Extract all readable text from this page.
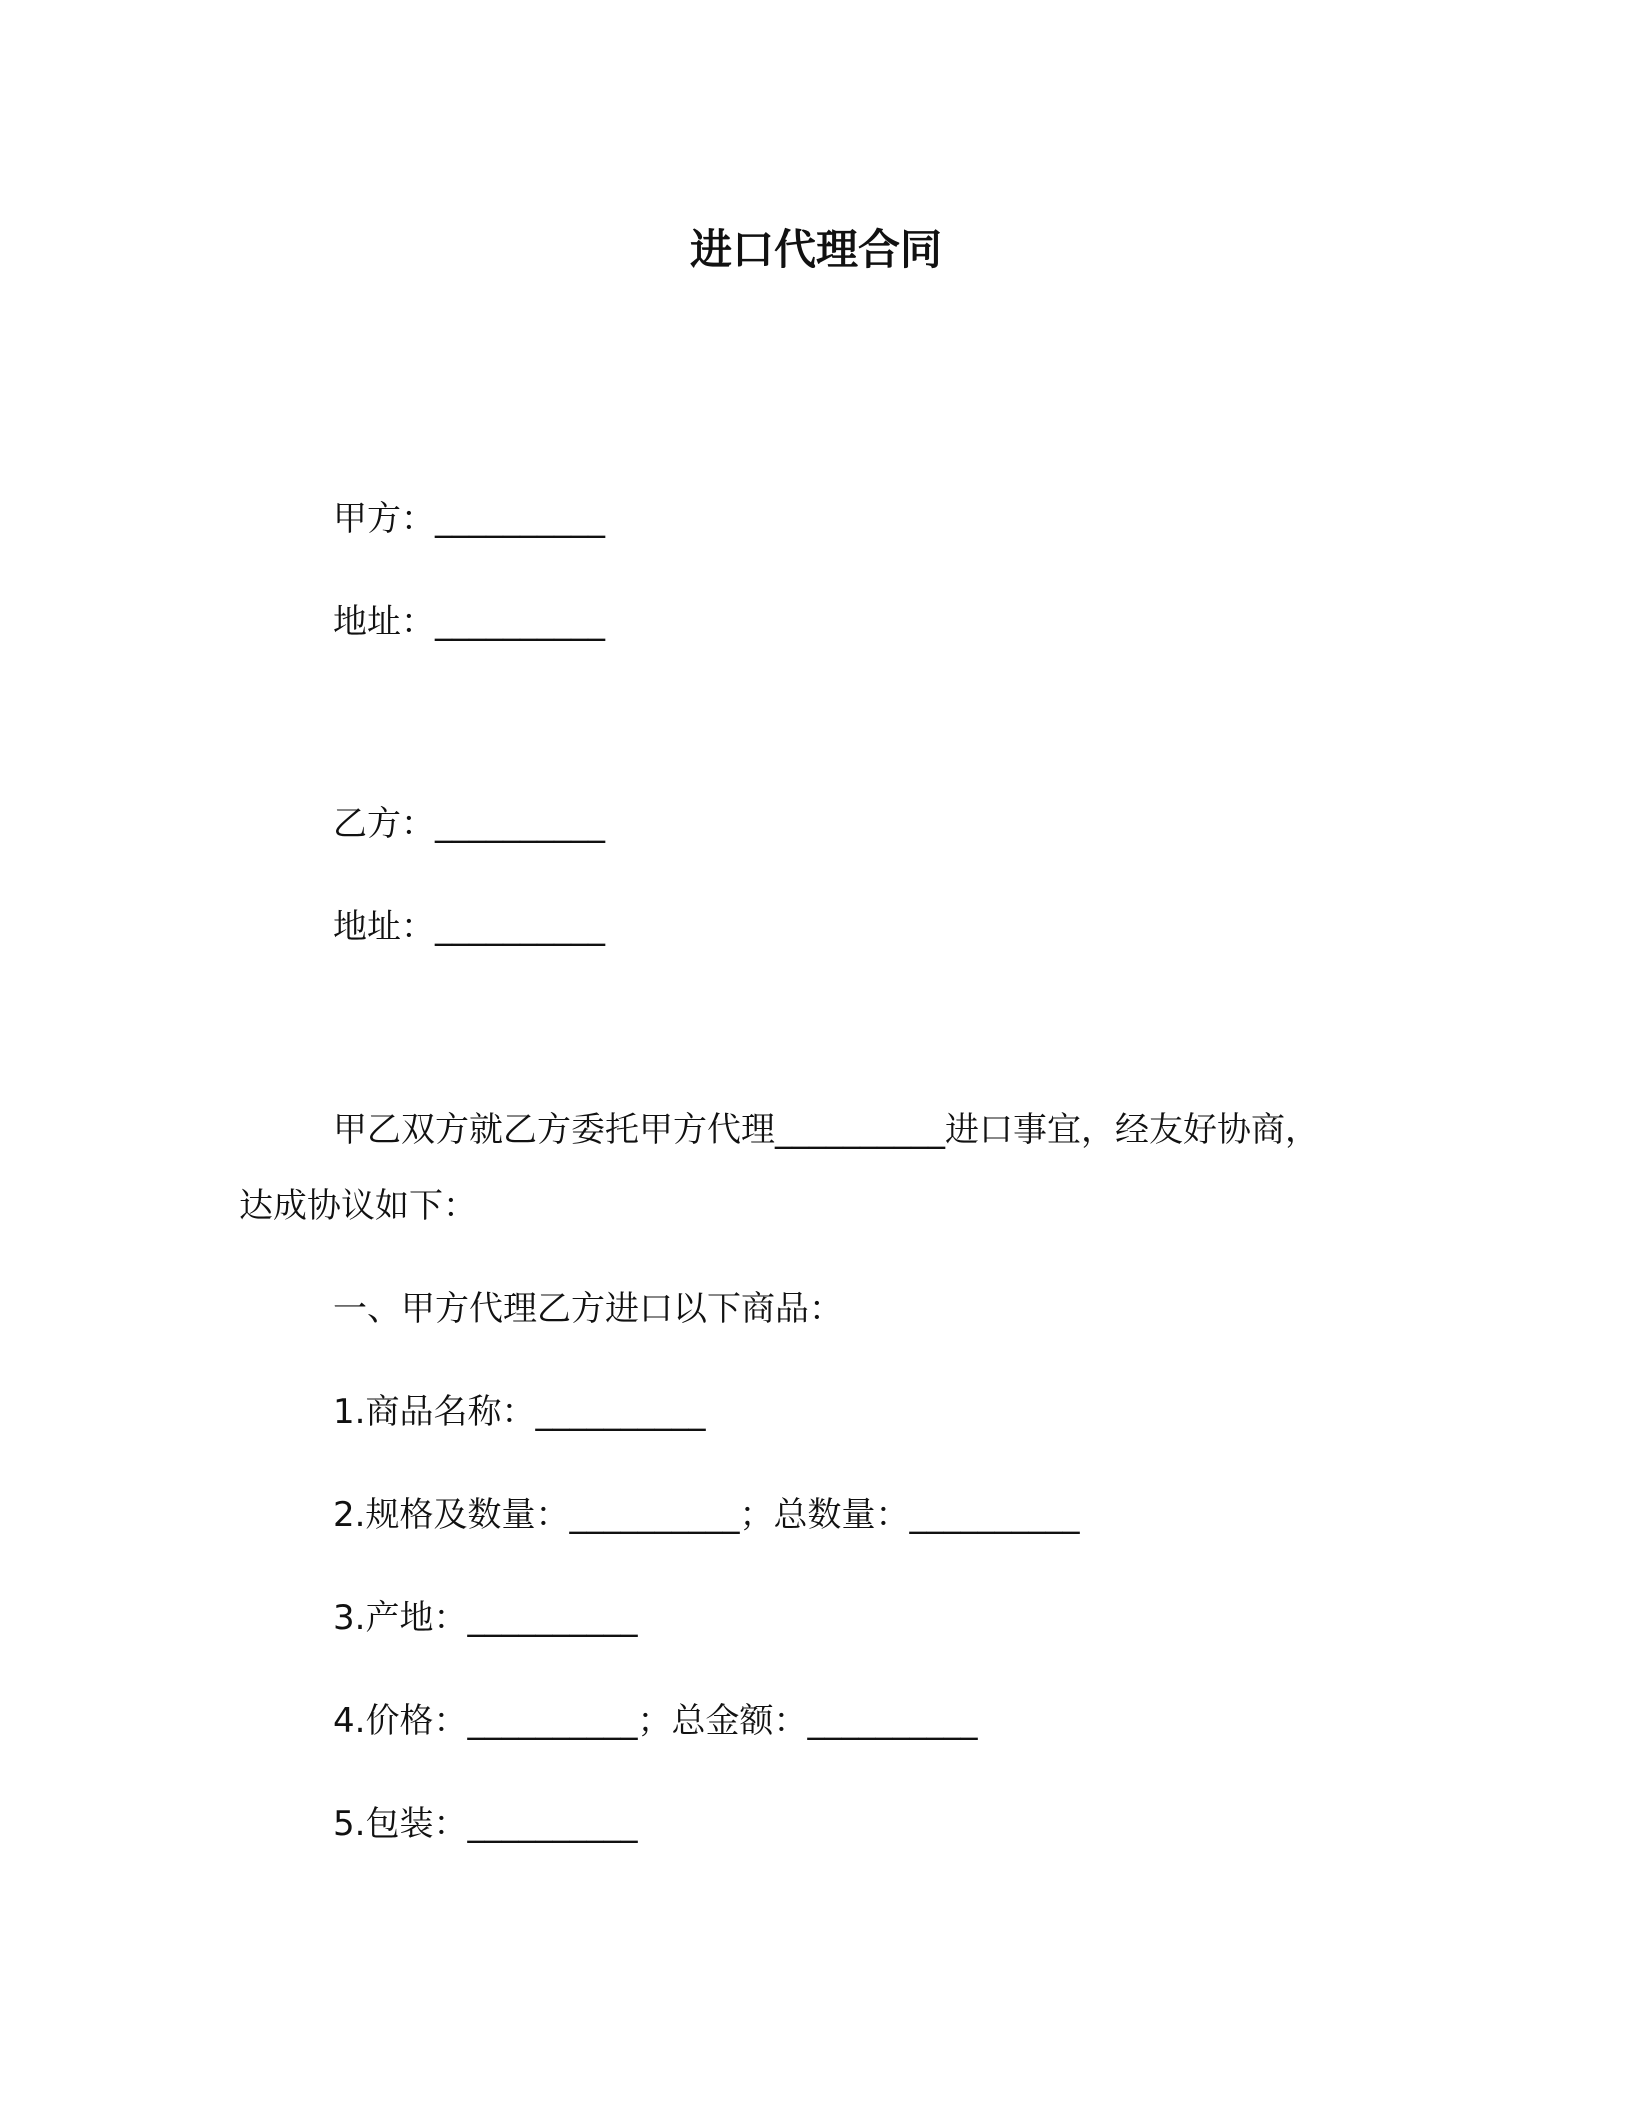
进口代理合同
甲方：__________
地址：__________
乙方：__________
地址：__________
甲乙双方就乙方委托甲方代理__________进口事宜，经友好协商，
达成协议如下：
一、甲方代理乙方进口以下商品：
1.商品名称：__________
2.规格及数量：__________；总数量：__________
3.产地：__________
4.价格：__________；总金额：__________
5.包装：__________
